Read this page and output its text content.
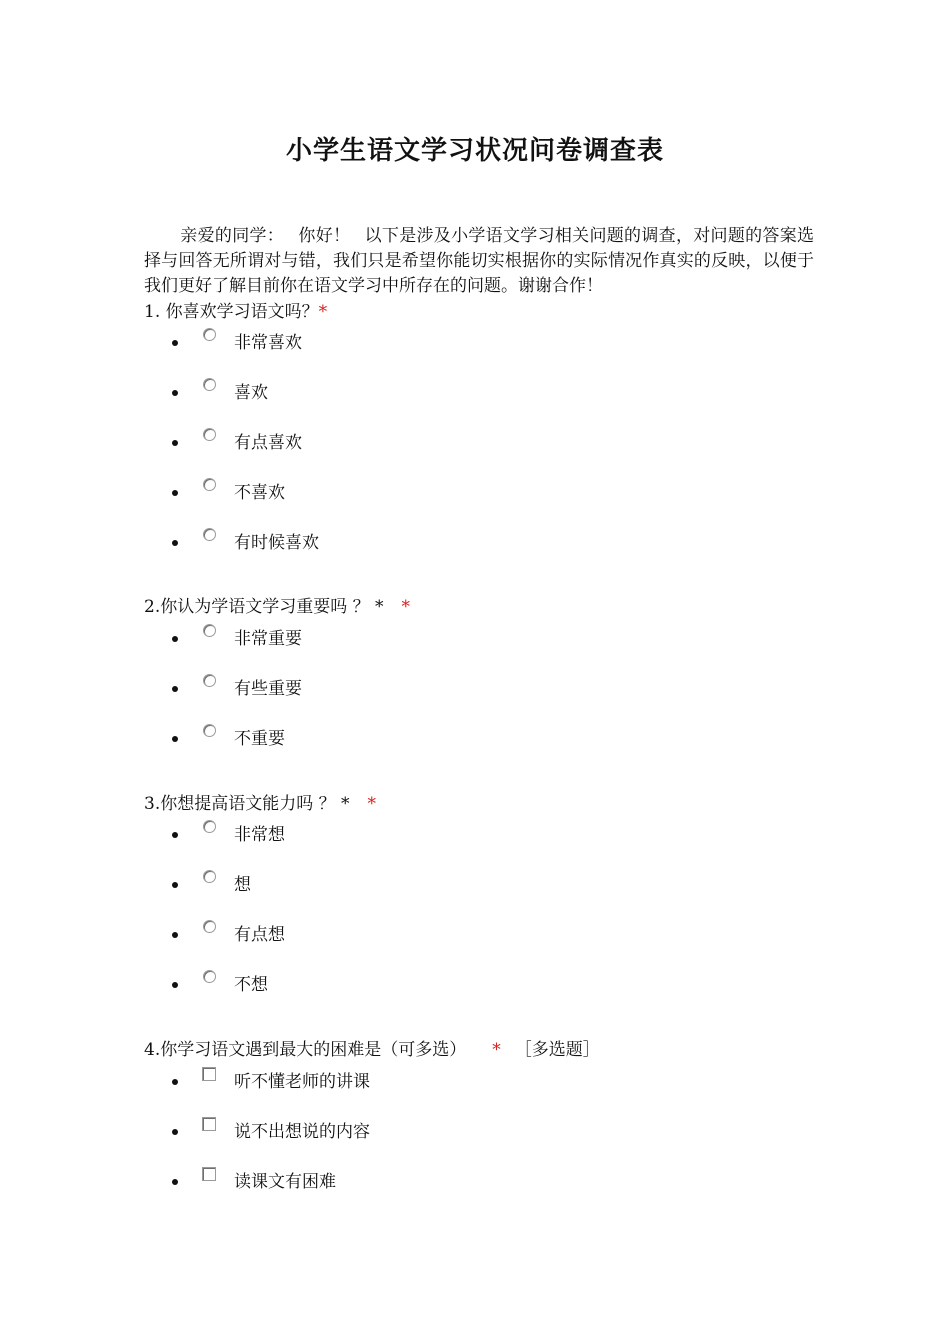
小学生语文学习状况问卷调查表
亲爱的同学： 你好！ 以下是涉及小学语文学习相关问题的调查，对问题的答案选择与回答无所谓对与错，我们只是希望你能切实根据你的实际情况作真实的反映，以便于我们更好了解目前你在语文学习中所存在的问题。谢谢合作！
1. 你喜欢学习语文吗？*
非常喜欢
喜欢
有点喜欢
不喜欢
有时候喜欢
2.你认为学语文学习重要吗 ？ * *
非常重要
有些重要
不重要
3.你想提高语文能力吗 ？ * *
非常想
想
有点想
不想
4.你学习语文遇到最大的困难是（可多选） * ［多选题］
听不懂老师的讲课
说不出想说的内容
读课文有困难
